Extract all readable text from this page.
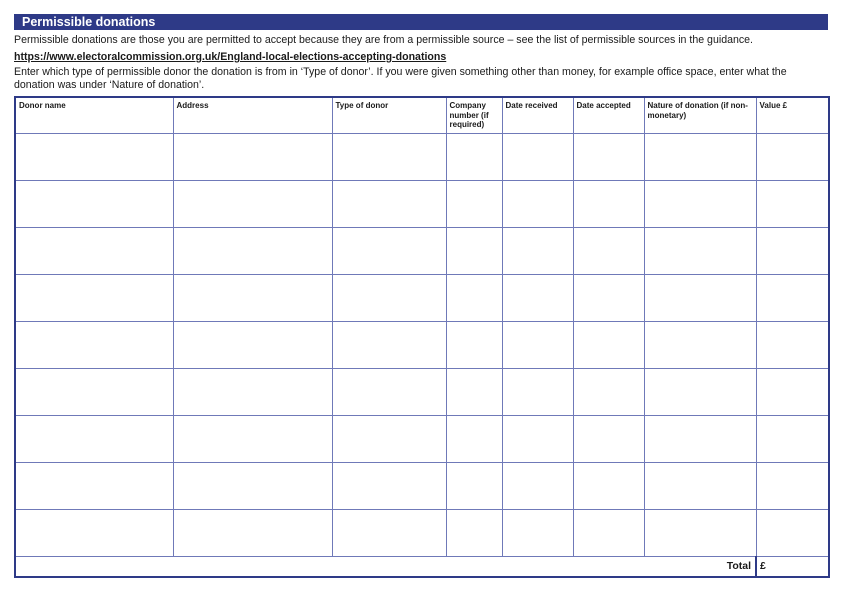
Permissible donations

Permissible donations are those you are permitted to accept because they are from a permissible source – see the list of permissible sources in the guidance.

https://www.electoralcommission.org.uk/England-local-elections-accepting-donations

Enter which type of permissible donor the donation is from in ‘Type of donor’. If you were given something other than money, for example office space, enter what the donation was under ‘Nature of donation’.

Donor name	Address	Type of donor	Company number (if required)	Date received	Date accepted	Nature of donation (if non-monetary)	Value £

Total							£
